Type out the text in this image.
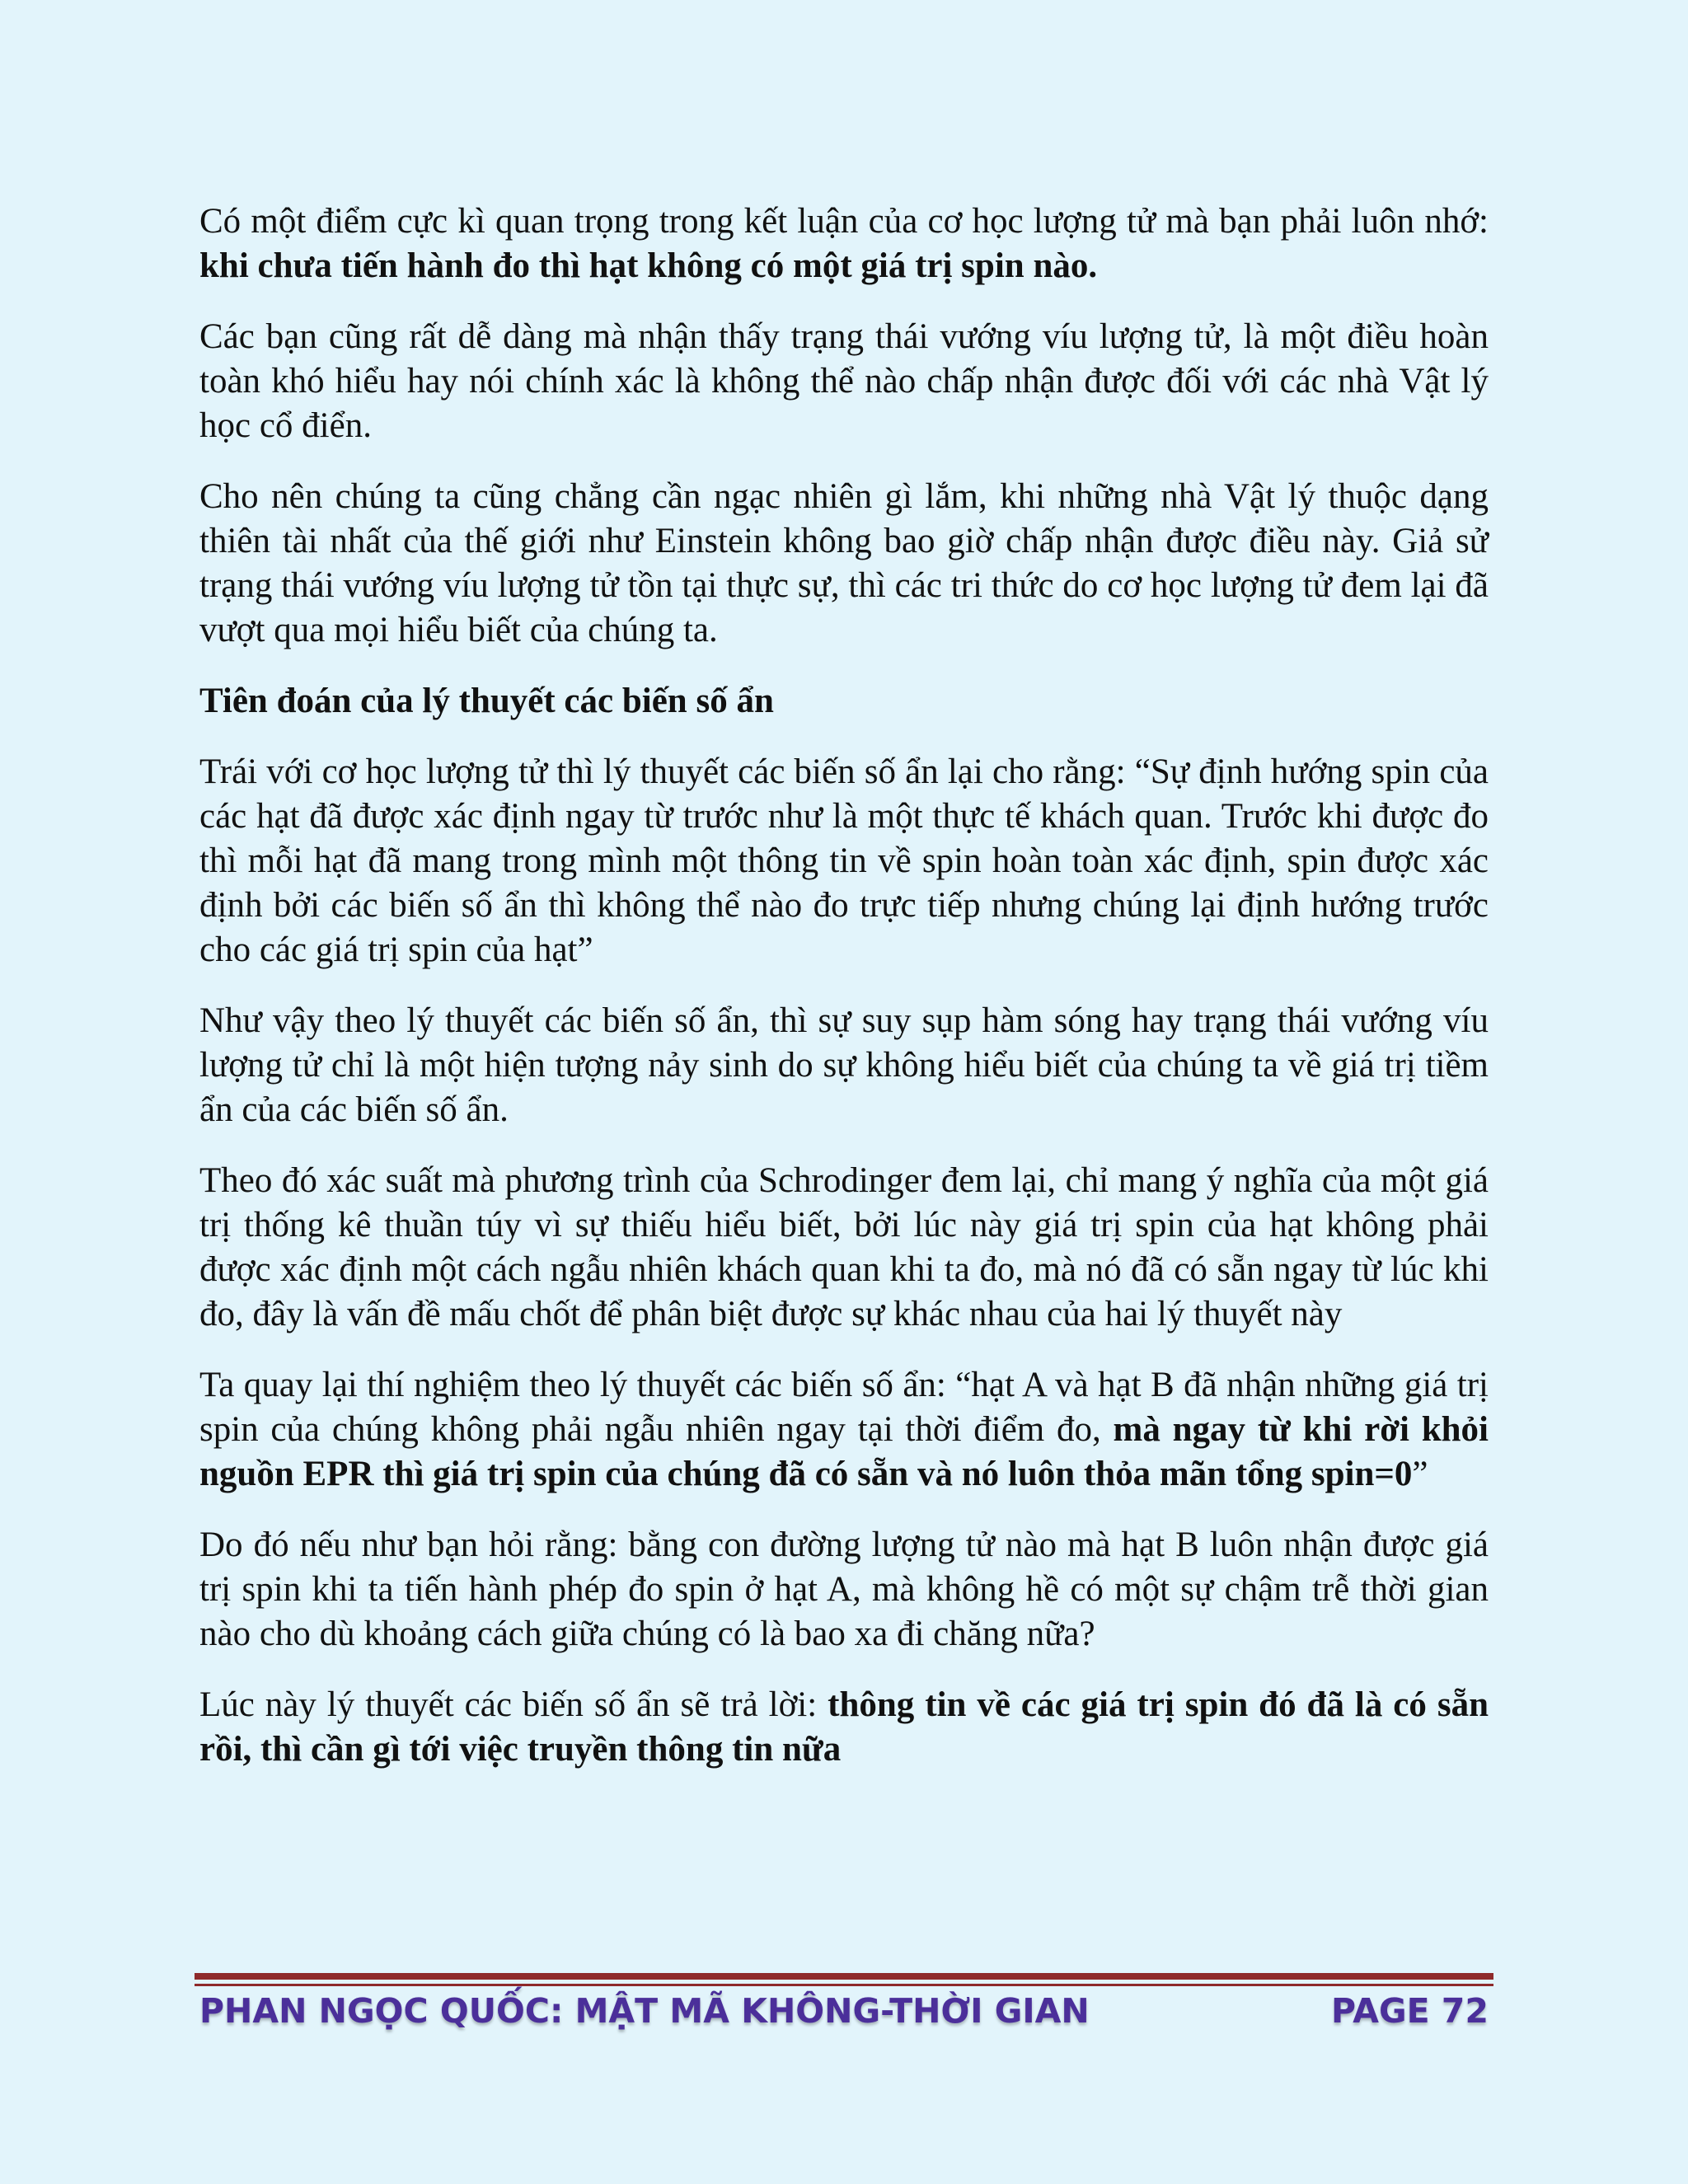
Có một điểm cực kì quan trọng trong kết luận của cơ học lượng tử mà bạn phải luôn nhớ: khi chưa tiến hành đo thì hạt không có một giá trị spin nào.

Các bạn cũng rất dễ dàng mà nhận thấy trạng thái vướng víu lượng tử, là một điều hoàn toàn khó hiểu hay nói chính xác là không thể nào chấp nhận được đối với các nhà Vật lý học cổ điển.

Cho nên chúng ta cũng chẳng cần ngạc nhiên gì lắm, khi những nhà Vật lý thuộc dạng thiên tài nhất của thế giới như Einstein không bao giờ chấp nhận được điều này. Giả sử trạng thái vướng víu lượng tử tồn tại thực sự, thì các tri thức do cơ học lượng tử đem lại đã vượt qua mọi hiểu biết của chúng ta.

Tiên đoán của lý thuyết các biến số ẩn

Trái với cơ học lượng tử thì lý thuyết các biến số ẩn lại cho rằng: “Sự định hướng spin của các hạt đã được xác định ngay từ trước như là một thực tế khách quan. Trước khi được đo thì mỗi hạt đã mang trong mình một thông tin về spin hoàn toàn xác định, spin được xác định bởi các biến số ẩn thì không thể nào đo trực tiếp nhưng chúng lại định hướng trước cho các giá trị spin của hạt”

Như vậy theo lý thuyết các biến số ẩn, thì sự suy sụp hàm sóng hay trạng thái vướng víu lượng tử chỉ là một hiện tượng nảy sinh do sự không hiểu biết của chúng ta về giá trị tiềm ẩn của các biến số ẩn.

Theo đó xác suất mà phương trình của Schrodinger đem lại, chỉ mang ý nghĩa của một giá trị thống kê thuần túy vì sự thiếu hiểu biết, bởi lúc này giá trị spin của hạt không phải được xác định một cách ngẫu nhiên khách quan khi ta đo, mà nó đã có sẵn ngay từ lúc khi đo, đây là vấn đề mấu chốt để phân biệt được sự khác nhau của hai lý thuyết này

Ta quay lại thí nghiệm theo lý thuyết các biến số ẩn: “hạt A và hạt B đã nhận những giá trị spin của chúng không phải ngẫu nhiên ngay tại thời điểm đo, mà ngay từ khi rời khỏi nguồn EPR thì giá trị spin của chúng đã có sẵn và nó luôn thỏa mãn tổng spin=0”

Do đó nếu như bạn hỏi rằng: bằng con đường lượng tử nào mà hạt B luôn nhận được giá trị spin khi ta tiến hành phép đo spin ở hạt A, mà không hề có một sự chậm trễ thời gian nào cho dù khoảng cách giữa chúng có là bao xa đi chăng nữa?

Lúc này lý thuyết các biến số ẩn sẽ trả lời: thông tin về các giá trị spin đó đã là có sẵn rồi, thì cần gì tới việc truyền thông tin nữa

PHAN NGỌC QUỐC: MẬT MÃ KHÔNG-THỜI GIAN	PAGE 72
